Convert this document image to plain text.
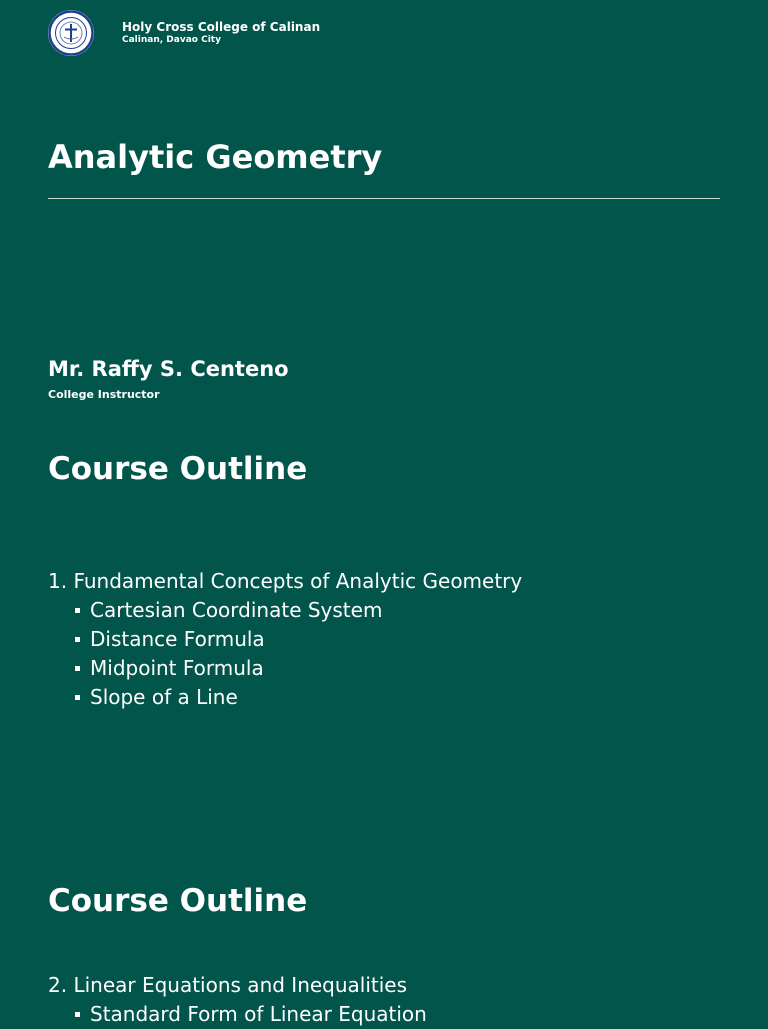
Holy Cross College of Calinan
Calinan, Davao City
Analytic Geometry
Mr. Raffy S. Centeno
College Instructor
Course Outline
1. Fundamental Concepts of Analytic Geometry
Cartesian Coordinate System
Distance Formula
Midpoint Formula
Slope of a Line
Course Outline
2. Linear Equations and Inequalities
Standard Form of Linear Equation
